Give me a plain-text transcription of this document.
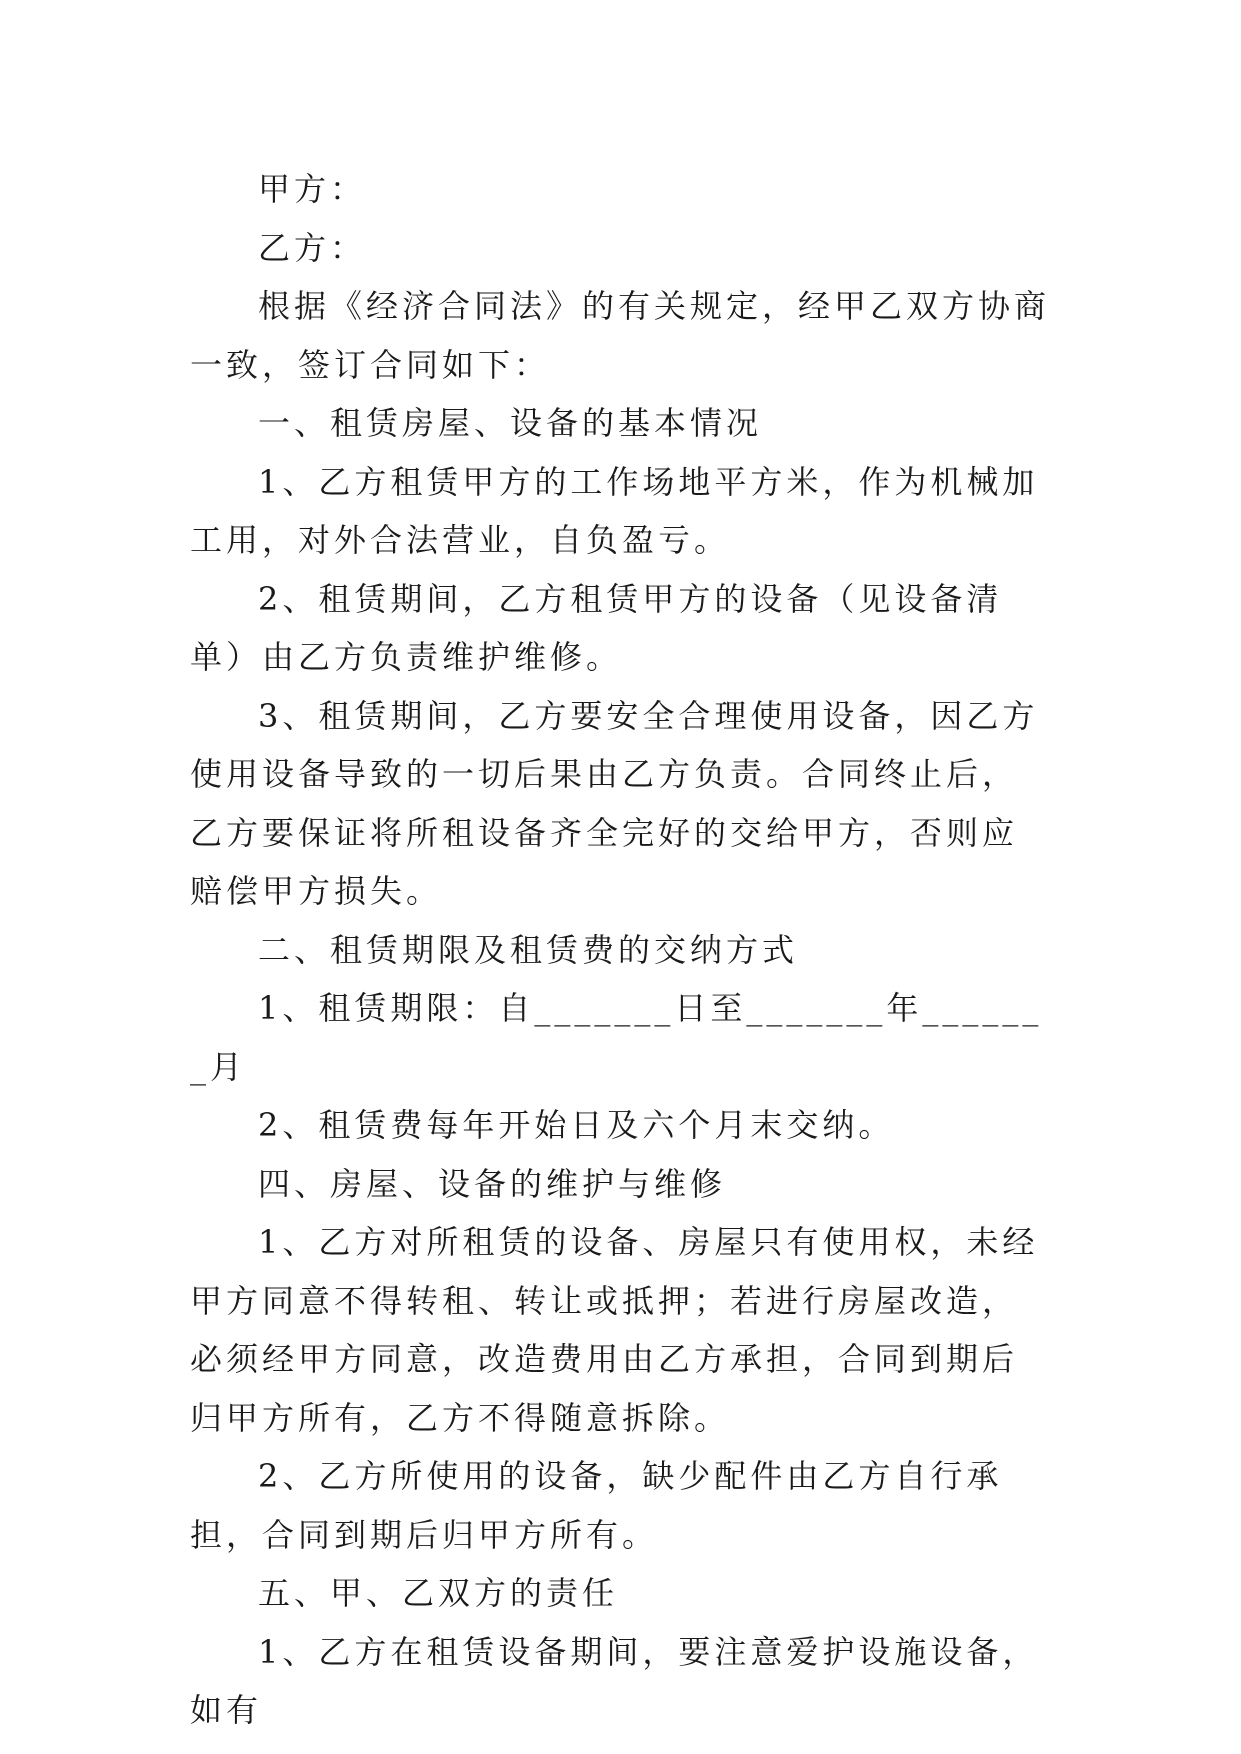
甲方：

乙方：

根据《经济合同法》的有关规定，经甲乙双方协商一致，签订合同如下：

一、租赁房屋、设备的基本情况

1、乙方租赁甲方的工作场地平方米，作为机械加工用，对外合法营业，自负盈亏。

2、租赁期间，乙方租赁甲方的设备（见设备清单）由乙方负责维护维修。

3、租赁期间，乙方要安全合理使用设备，因乙方使用设备导致的一切后果由乙方负责。合同终止后，乙方要保证将所租设备齐全完好的交给甲方，否则应赔偿甲方损失。

二、租赁期限及租赁费的交纳方式

1、租赁期限：自_______日至_______年_______月

2、租赁费每年开始日及六个月末交纳。

四、房屋、设备的维护与维修

1、乙方对所租赁的设备、房屋只有使用权，未经甲方同意不得转租、转让或抵押；若进行房屋改造，必须经甲方同意，改造费用由乙方承担，合同到期后归甲方所有，乙方不得随意拆除。

2、乙方所使用的设备，缺少配件由乙方自行承担，合同到期后归甲方所有。

五、甲、乙双方的责任

1、乙方在租赁设备期间，要注意爱护设施设备，如有
